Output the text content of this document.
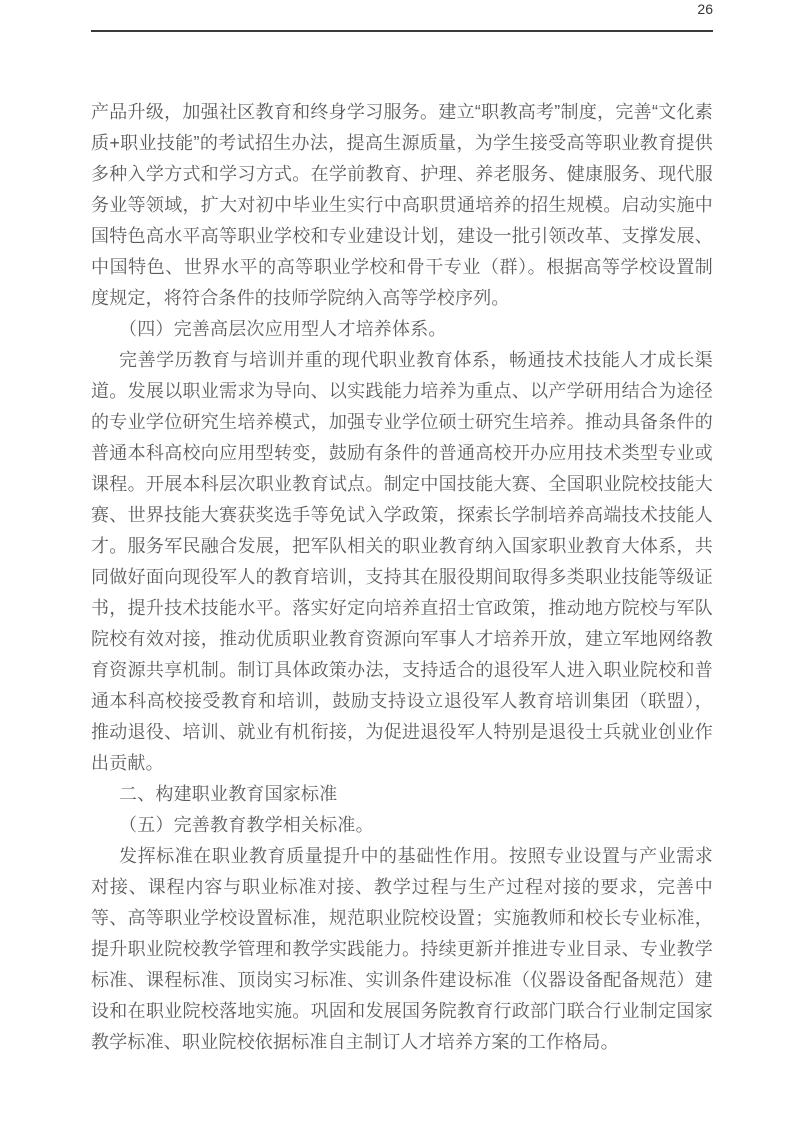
26

产品升级，加强社区教育和终身学习服务。建立“职教高考”制度，完善“文化素质+职业技能”的考试招生办法，提高生源质量，为学生接受高等职业教育提供多种入学方式和学习方式。在学前教育、护理、养老服务、健康服务、现代服务业等领域，扩大对初中毕业生实行中高职贯通培养的招生规模。启动实施中国特色高水平高等职业学校和专业建设计划，建设一批引领改革、支撑发展、中国特色、世界水平的高等职业学校和骨干专业（群）。根据高等学校设置制度规定，将符合条件的技师学院纳入高等学校序列。

（四）完善高层次应用型人才培养体系。

完善学历教育与培训并重的现代职业教育体系，畅通技术技能人才成长渠道。发展以职业需求为导向、以实践能力培养为重点、以产学研用结合为途径的专业学位研究生培养模式，加强专业学位硕士研究生培养。推动具备条件的普通本科高校向应用型转变，鼓励有条件的普通高校开办应用技术类型专业或课程。开展本科层次职业教育试点。制定中国技能大赛、全国职业院校技能大赛、世界技能大赛获奖选手等免试入学政策，探索长学制培养高端技术技能人才。服务军民融合发展，把军队相关的职业教育纳入国家职业教育大体系，共同做好面向现役军人的教育培训，支持其在服役期间取得多类职业技能等级证书，提升技术技能水平。落实好定向培养直招士官政策，推动地方院校与军队院校有效对接，推动优质职业教育资源向军事人才培养开放，建立军地网络教育资源共享机制。制订具体政策办法，支持适合的退役军人进入职业院校和普通本科高校接受教育和培训，鼓励支持设立退役军人教育培训集团（联盟），推动退役、培训、就业有机衔接，为促进退役军人特别是退役士兵就业创业作出贡献。

二、构建职业教育国家标准

（五）完善教育教学相关标准。

发挥标准在职业教育质量提升中的基础性作用。按照专业设置与产业需求对接、课程内容与职业标准对接、教学过程与生产过程对接的要求，完善中等、高等职业学校设置标准，规范职业院校设置；实施教师和校长专业标准，提升职业院校教学管理和教学实践能力。持续更新并推进专业目录、专业教学标准、课程标准、顶岗实习标准、实训条件建设标准（仪器设备配备规范）建设和在职业院校落地实施。巩固和发展国务院教育行政部门联合行业制定国家教学标准、职业院校依据标准自主制订人才培养方案的工作格局。
